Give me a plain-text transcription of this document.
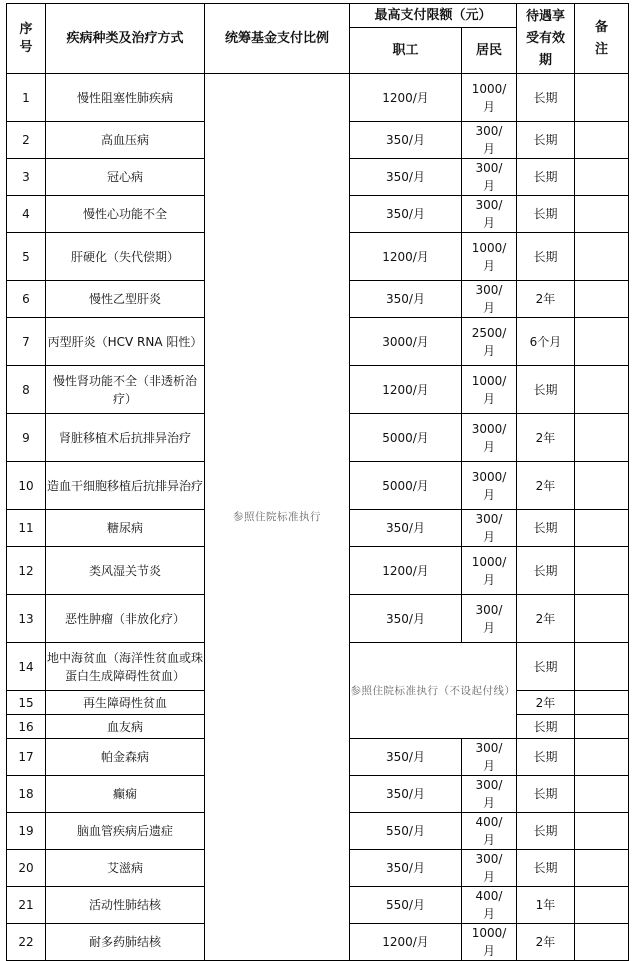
序号	疾病种类及治疗方式	统筹基金支付比例	最高支付限额（元）		待遇享受有效期	备注
			职工	居民		
1	慢性阻塞性肺疾病	参照住院标准执行	1200/月	1000/月	长期	
2	高血压病		350/月	300/月	长期	
3	冠心病		350/月	300/月	长期	
4	慢性心功能不全		350/月	300/月	长期	
5	肝硬化（失代偿期）		1200/月	1000/月	长期	
6	慢性乙型肝炎		350/月	300/月	2年	
7	丙型肝炎（HCV RNA 阳性）		3000/月	2500/月	6个月	
8	慢性肾功能不全（非透析治疗）		1200/月	1000/月	长期	
9	肾脏移植术后抗排异治疗		5000/月	3000/月	2年	
10	造血干细胞移植后抗排异治疗		5000/月	3000/月	2年	
11	糖尿病		350/月	300/月	长期	
12	类风湿关节炎		1200/月	1000/月	长期	
13	恶性肿瘤（非放化疗）		350/月	300/月	2年	
14	地中海贫血（海洋性贫血或珠蛋白生成障碍性贫血）		参照住院标准执行（不设起付线）		长期	
15	再生障碍性贫血				2年	
16	血友病				长期	
17	帕金森病		350/月	300/月	长期	
18	癫痫		350/月	300/月	长期	
19	脑血管疾病后遗症		550/月	400/月	长期	
20	艾滋病		350/月	300/月	长期	
21	活动性肺结核		550/月	400/月	1年	
22	耐多药肺结核		1200/月	1000/月	2年	
